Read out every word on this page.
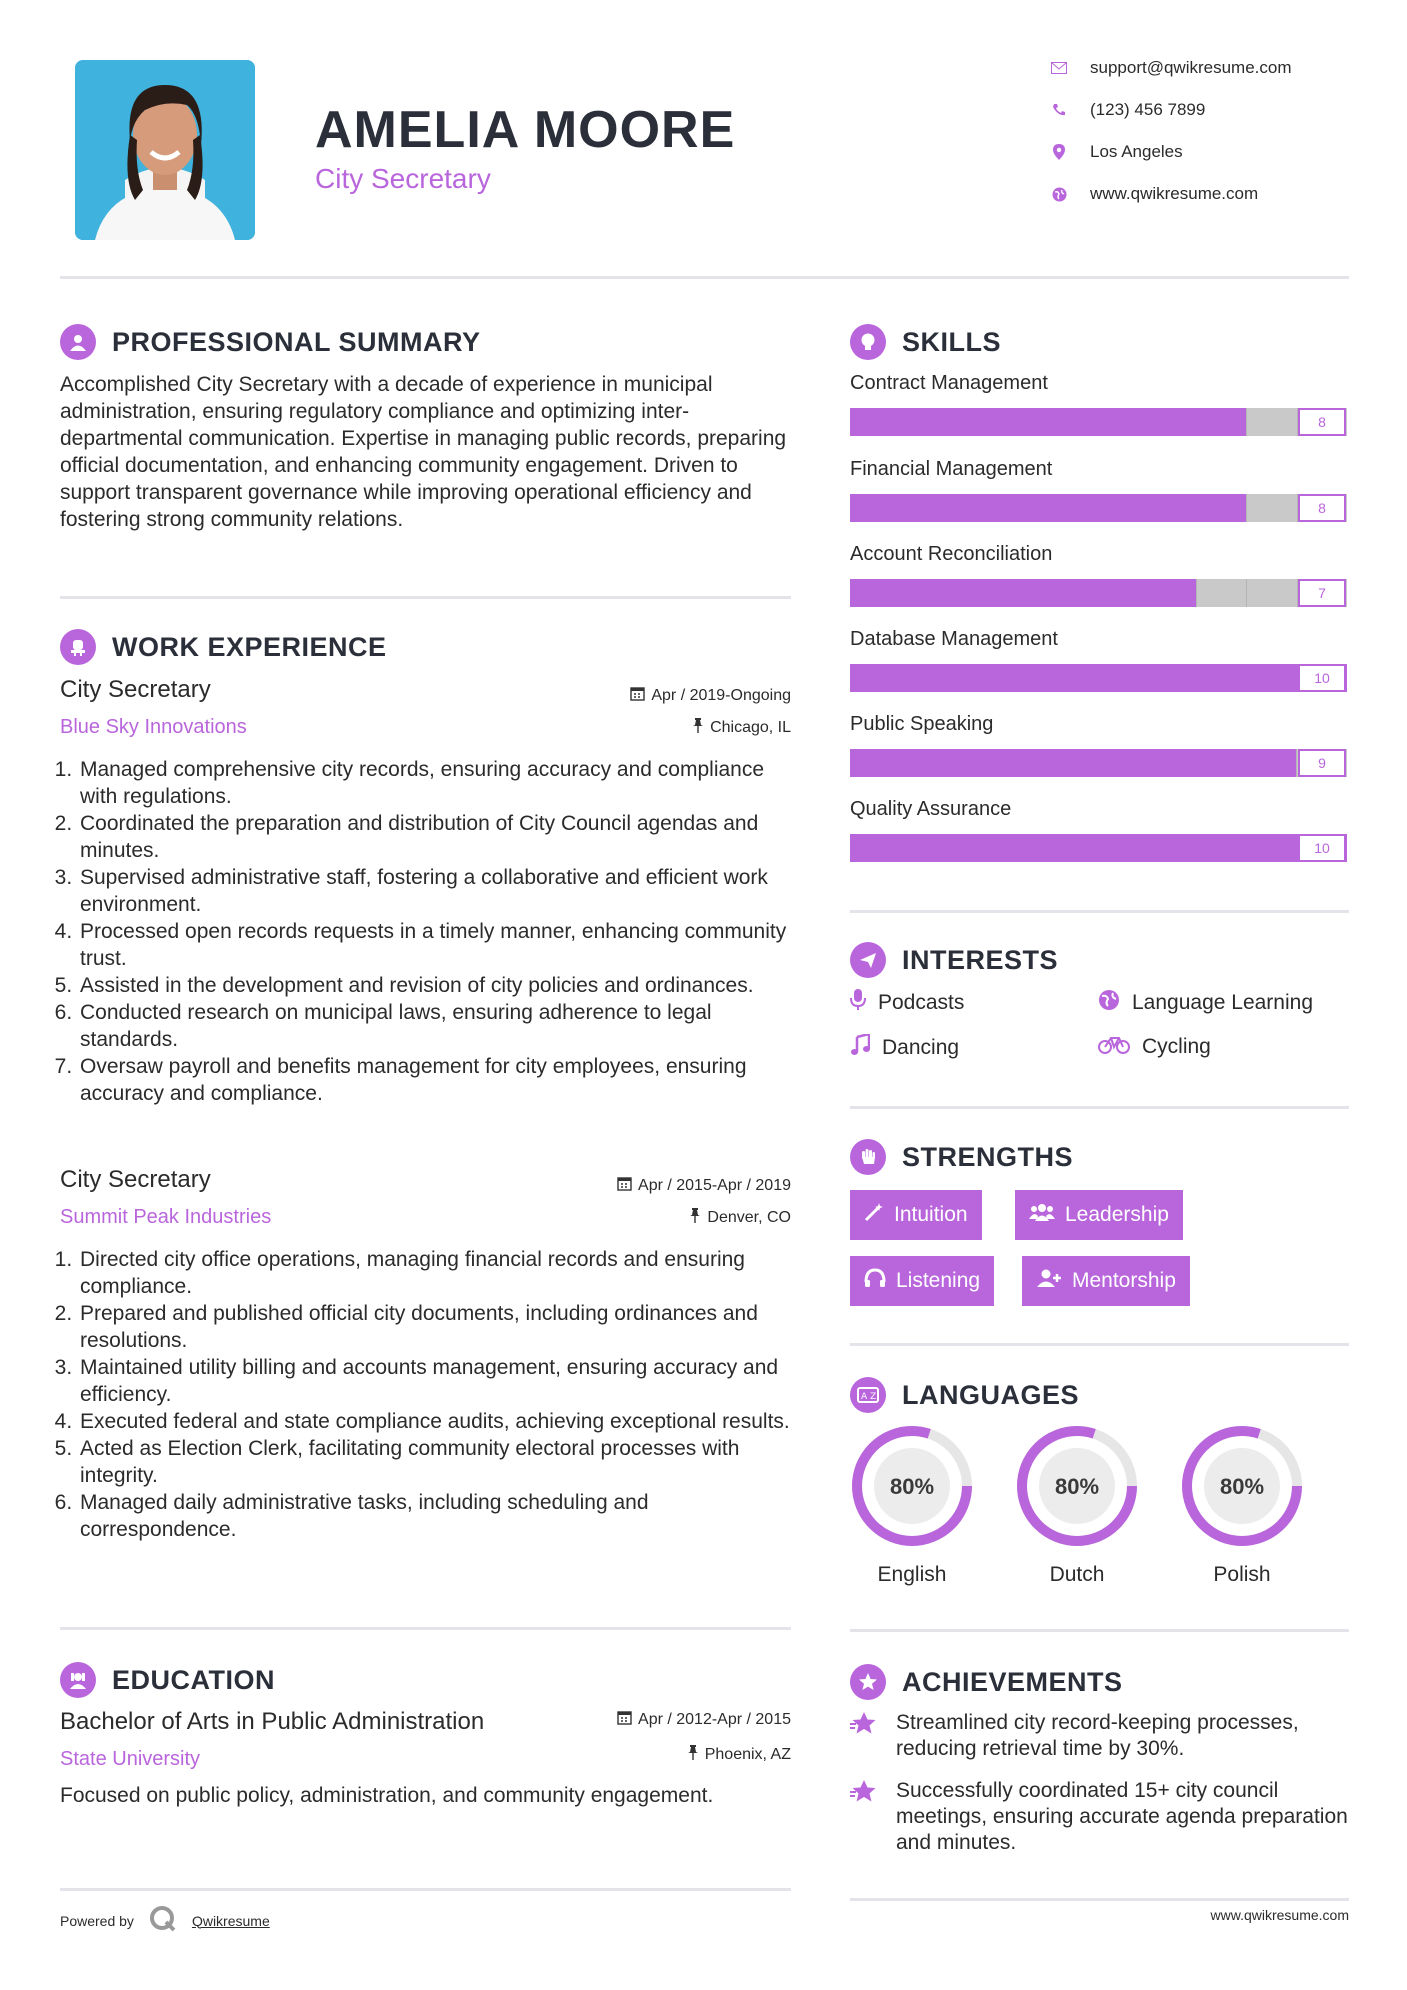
AMELIA MOORE
City Secretary
support@qwikresume.com
(123) 456 7899
Los Angeles
www.qwikresume.com
PROFESSIONAL SUMMARY
Accomplished City Secretary with a decade of experience in municipal administration, ensuring regulatory compliance and optimizing inter-departmental communication. Expertise in managing public records, preparing official documentation, and enhancing community engagement. Driven to support transparent governance while improving operational efficiency and fostering strong community relations.
WORK EXPERIENCE
City Secretary
Blue Sky Innovations
Apr / 2019-Ongoing
Chicago, IL
1. Managed comprehensive city records, ensuring accuracy and compliance with regulations.
2. Coordinated the preparation and distribution of City Council agendas and minutes.
3. Supervised administrative staff, fostering a collaborative and efficient work environment.
4. Processed open records requests in a timely manner, enhancing community trust.
5. Assisted in the development and revision of city policies and ordinances.
6. Conducted research on municipal laws, ensuring adherence to legal standards.
7. Oversaw payroll and benefits management for city employees, ensuring accuracy and compliance.
City Secretary
Summit Peak Industries
Apr / 2015-Apr / 2019
Denver, CO
1. Directed city office operations, managing financial records and ensuring compliance.
2. Prepared and published official city documents, including ordinances and resolutions.
3. Maintained utility billing and accounts management, ensuring accuracy and efficiency.
4. Executed federal and state compliance audits, achieving exceptional results.
5. Acted as Election Clerk, facilitating community electoral processes with integrity.
6. Managed daily administrative tasks, including scheduling and correspondence.
EDUCATION
Bachelor of Arts in Public Administration
State University
Apr / 2012-Apr / 2015
Phoenix, AZ
Focused on public policy, administration, and community engagement.
Powered by	Qwikresume
SKILLS
Contract Management
8
Financial Management
8
Account Reconciliation
7
Database Management
10
Public Speaking
9
Quality Assurance
10
INTERESTS
Podcasts	Language Learning
Dancing	Cycling
STRENGTHS
Intuition	Leadership
Listening	Mentorship
A Z LANGUAGES
80%
English
80%
Dutch
80%
Polish
ACHIEVEMENTS
Streamlined city record-keeping processes, reducing retrieval time by 30%.
Successfully coordinated 15+ city council meetings, ensuring accurate agenda preparation and minutes.
www.qwikresume.com
